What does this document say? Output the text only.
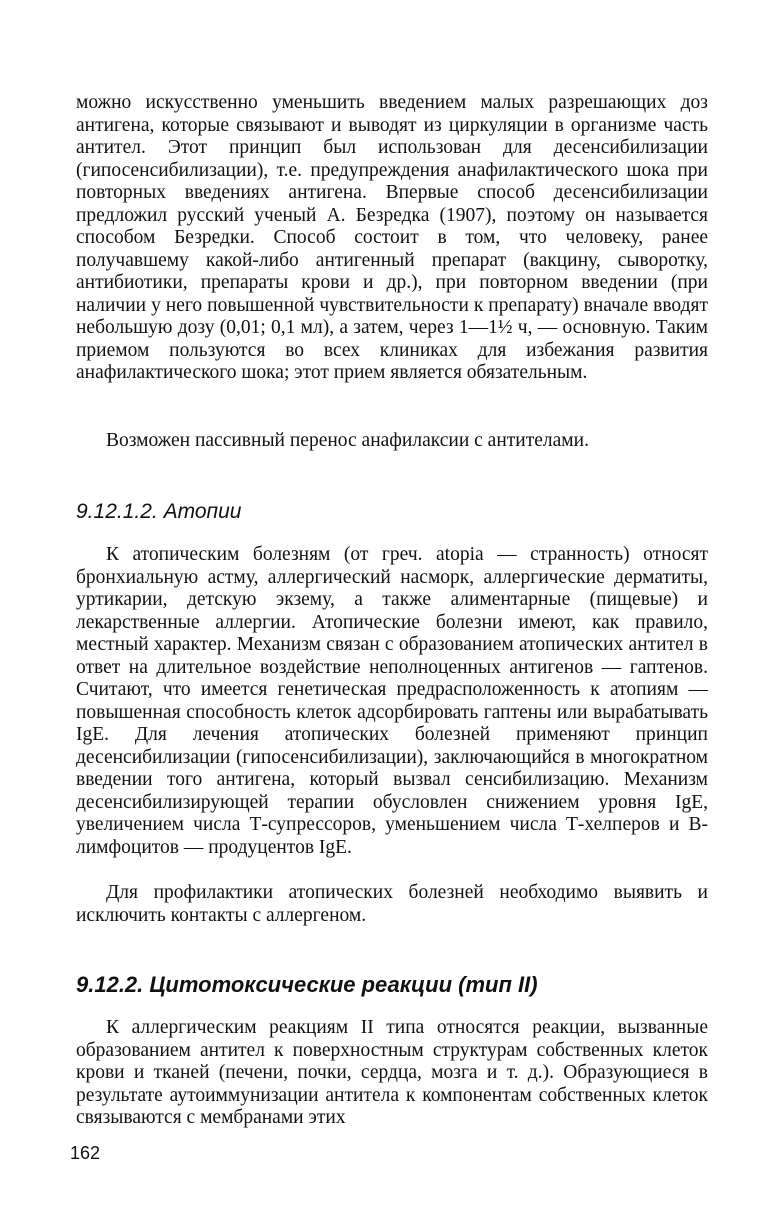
можно искусственно уменьшить введением малых разрешающих доз антигена, которые связывают и выводят из циркуляции в организме часть антител. Этот принцип был использован для десенсибилизации (гипосенсибилизации), т.е. предупреждения анафилактического шока при повторных введениях антигена. Впервые способ десенсибилизации предложил русский ученый А. Безредка (1907), поэтому он называется способом Безредки. Способ состоит в том, что человеку, ранее получавшему какой-либо антигенный препарат (вакцину, сыворотку, антибиотики, препараты крови и др.), при повторном введении (при наличии у него повышенной чувствительности к препарату) вначале вводят небольшую дозу (0,01; 0,1 мл), а затем, через 1—1½ ч, — основную. Таким приемом пользуются во всех клиниках для избежания развития анафилактического шока; этот прием является обязательным.

Возможен пассивный перенос анафилаксии с антителами.

9.12.1.2. Атопии

К атопическим болезням (от греч. atopia — странность) относят бронхиальную астму, аллергический насморк, аллергические дерматиты, уртикарии, детскую экзему, а также алиментарные (пищевые) и лекарственные аллергии. Атопические болезни имеют, как правило, местный характер. Механизм связан с образованием атопических антител в ответ на длительное воздействие неполноценных антигенов — гаптенов. Считают, что имеется генетическая предрасположенность к атопиям — повышенная способность клеток адсорбировать гаптены или вырабатывать IgE. Для лечения атопических болезней применяют принцип десенсибилизации (гипосенсибилизации), заключающийся в многократном введении того антигена, который вызвал сенсибилизацию. Механизм десенсибилизирующей терапии обусловлен снижением уровня IgE, увеличением числа Т-супрессоров, уменьшением числа Т-хелперов и В-лимфоцитов — продуцентов IgE.

Для профилактики атопических болезней необходимо выявить и исключить контакты с аллергеном.

9.12.2. Цитотоксические реакции (тип II)

К аллергическим реакциям II типа относятся реакции, вызванные образованием антител к поверхностным структурам собственных клеток крови и тканей (печени, почки, сердца, мозга и т. д.). Образующиеся в результате аутоиммунизации антитела к компонентам собственных клеток связываются с мембранами этих

162
